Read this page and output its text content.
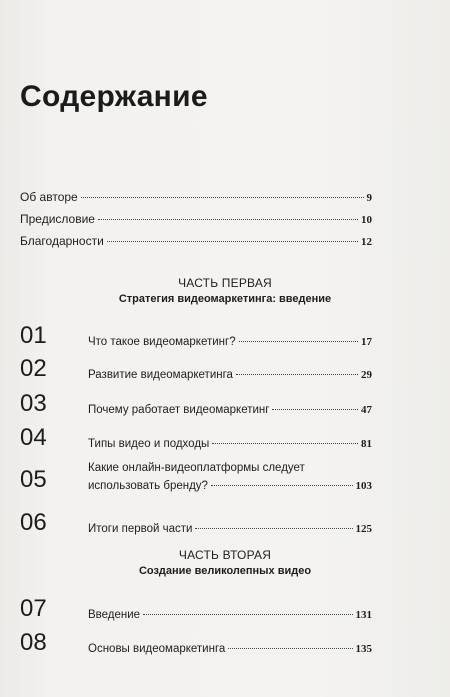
Содержание
Об авторе	9
Предисловие	10
Благодарности	12
ЧАСТЬ ПЕРВАЯ
Стратегия видеомаркетинга: введение
01	Что такое видеомаркетинг?	17
02	Развитие видеомаркетинга	29
03	Почему работает видеомаркетинг	47
04	Типы видео и подходы	81
05	Какие онлайн-видеоплатформы следует
использовать бренду?	103
06	Итоги первой части	125
ЧАСТЬ ВТОРАЯ
Создание великолепных видео
07	Введение	131
08	Основы видеомаркетинга	135
